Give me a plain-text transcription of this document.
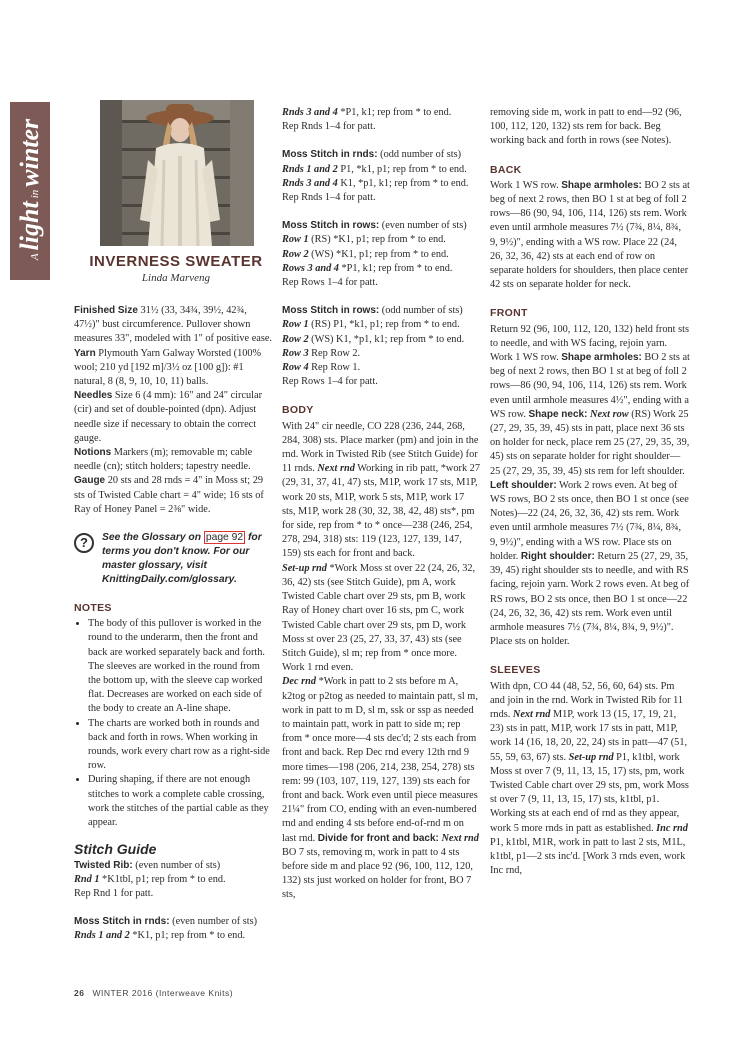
Alightinwinter
INVERNESS SWEATER
Linda Marveng

Finished Size 31½ (33, 34¾, 39½, 42¾, 47½)" bust circumference. Pullover shown measures 33", modeled with 1" of positive ease.

Yarn Plymouth Yarn Galway Worsted (100% wool; 210 yd [192 m]/3½ oz [100 g]): #1 natural, 8 (8, 9, 10, 10, 11) balls.

Needles Size 6 (4 mm): 16" and 24" circular (cir) and set of double-pointed (dpn). Adjust needle size if necessary to obtain the correct gauge.

Notions Markers (m); removable m; cable needle (cn); stitch holders; tapestry needle.

Gauge 20 sts and 28 rnds = 4" in Moss st; 29 sts of Twisted Cable chart = 4" wide; 16 sts of Ray of Honey Panel = 2⅜" wide.

?	See the Glossary on page 92 for terms you don't know. For our master glossary, visit KnittingDaily.com/glossary.
NOTES
• The body of this pullover is worked in the round to the underarm, then the front and back are worked separately back and forth. The sleeves are worked in the round from the bottom up, with the sleeve cap worked flat. Decreases are worked on each side of the body to create an A-line shape.
• The charts are worked both in rounds and back and forth in rows. When working in rounds, work every chart row as a right-side row.
• During shaping, if there are not enough stitches to work a complete cable crossing, work the stitches of the partial cable as they appear.
Stitch Guide

Twisted Rib: (even number of sts)

Rnd 1 *K1tbl, p1; rep from * to end.

Rep Rnd 1 for patt.

Moss Stitch in rnds: (even number of sts)

Rnds 1 and 2 *K1, p1; rep from * to end.

Rnds 3 and 4 *P1, k1; rep from * to end.

Rep Rnds 1–4 for patt.

Moss Stitch in rnds: (odd number of sts)

Rnds 1 and 2 P1, *k1, p1; rep from * to end.

Rnds 3 and 4 K1, *p1, k1; rep from * to end.

Rep Rnds 1–4 for patt.

Moss Stitch in rows: (even number of sts)

Row 1 (RS) *K1, p1; rep from * to end.

Row 2 (WS) *K1, p1; rep from * to end.

Rows 3 and 4 *P1, k1; rep from * to end.

Rep Rows 1–4 for patt.

Moss Stitch in rows: (odd number of sts)

Row 1 (RS) P1, *k1, p1; rep from * to end.

Row 2 (WS) K1, *p1, k1; rep from * to end.

Row 3 Rep Row 2.

Row 4 Rep Row 1.

Rep Rows 1–4 for patt.

BODY

With 24" cir needle, CO 228 (236, 244, 268, 284, 308) sts. Place marker (pm) and join in the rnd. Work in Twisted Rib (see Stitch Guide) for 11 rnds. Next rnd Working in rib patt, *work 27 (29, 31, 37, 41, 47) sts, M1P, work 17 sts, M1P, work 20 sts, M1P, work 5 sts, M1P, work 17 sts, M1P, work 28 (30, 32, 38, 42, 48) sts*, pm for side, rep from * to * once—238 (246, 254, 278, 294, 318) sts: 119 (123, 127, 139, 147, 159) sts each for front and back.

Set-up rnd *Work Moss st over 22 (24, 26, 32, 36, 42) sts (see Stitch Guide), pm A, work Twisted Cable chart over 29 sts, pm B, work Ray of Honey chart over 16 sts, pm C, work Twisted Cable chart over 29 sts, pm D, work Moss st over 23 (25, 27, 33, 37, 43) sts (see Stitch Guide), sl m; rep from * once more. Work 1 rnd even.

Dec rnd *Work in patt to 2 sts before m A, k2tog or p2tog as needed to maintain patt, sl m, work in patt to m D, sl m, ssk or ssp as needed to maintain patt, work in patt to side m; rep from * once more—4 sts dec'd; 2 sts each from front and back. Rep Dec rnd every 12th rnd 9 more times—198 (206, 214, 238, 254, 278) sts rem: 99 (103, 107, 119, 127, 139) sts each for front and back. Work even until piece measures 21¼" from CO, ending with an even-numbered rnd and ending 4 sts before end-of-rnd m on last rnd. Divide for front and back: Next rnd BO 7 sts, removing m, work in patt to 4 sts before side m and place 92 (96, 100, 112, 120, 132) sts just worked on holder for front, BO 7 sts,

removing side m, work in patt to end—92 (96, 100, 112, 120, 132) sts rem for back. Beg working back and forth in rows (see Notes).

BACK

Work 1 WS row. Shape armholes: BO 2 sts at beg of next 2 rows, then BO 1 st at beg of foll 2 rows—86 (90, 94, 106, 114, 126) sts rem. Work even until armhole measures 7½ (7¾, 8¼, 8¾, 9, 9½)", ending with a WS row. Place 22 (24, 26, 32, 36, 42) sts at each end of row on separate holders for shoulders, then place center 42 sts on separate holder for neck.

FRONT

Return 92 (96, 100, 112, 120, 132) held front sts to needle, and with WS facing, rejoin yarn. Work 1 WS row. Shape armholes: BO 2 sts at beg of next 2 rows, then BO 1 st at beg of foll 2 rows—86 (90, 94, 106, 114, 126) sts rem. Work even until armhole measures 4½", ending with a WS row. Shape neck: Next row (RS) Work 25 (27, 29, 35, 39, 45) sts in patt, place next 36 sts on holder for neck, place rem 25 (27, 29, 35, 39, 45) sts on separate holder for right shoulder—25 (27, 29, 35, 39, 45) sts rem for left shoulder. Left shoulder: Work 2 rows even. At beg of WS rows, BO 2 sts once, then BO 1 st once (see Notes)—22 (24, 26, 32, 36, 42) sts rem. Work even until armhole measures 7½ (7¾, 8¼, 8¾, 9, 9½)", ending with a WS row. Place sts on holder. Right shoulder: Return 25 (27, 29, 35, 39, 45) right shoulder sts to needle, and with RS facing, rejoin yarn. Work 2 rows even. At beg of RS rows, BO 2 sts once, then BO 1 st once—22 (24, 26, 32, 36, 42) sts rem. Work even until armhole measures 7½ (7¾, 8¼, 8¾, 9, 9½)". Place sts on holder.

SLEEVES

With dpn, CO 44 (48, 52, 56, 60, 64) sts. Pm and join in the rnd. Work in Twisted Rib for 11 rnds. Next rnd M1P, work 13 (15, 17, 19, 21, 23) sts in patt, M1P, work 17 sts in patt, M1P, work 14 (16, 18, 20, 22, 24) sts in patt—47 (51, 55, 59, 63, 67) sts. Set-up rnd P1, k1tbl, work Moss st over 7 (9, 11, 13, 15, 17) sts, pm, work Twisted Cable chart over 29 sts, pm, work Moss st over 7 (9, 11, 13, 15, 17) sts, k1tbl, p1. Working sts at each end of rnd as they appear, work 5 more rnds in patt as established. Inc rnd P1, k1tbl, M1R, work in patt to last 2 sts, M1L, k1tbl, p1—2 sts inc'd. [Work 3 rnds even, work Inc rnd,

26 WINTER 2016 (Interweave Knits)
